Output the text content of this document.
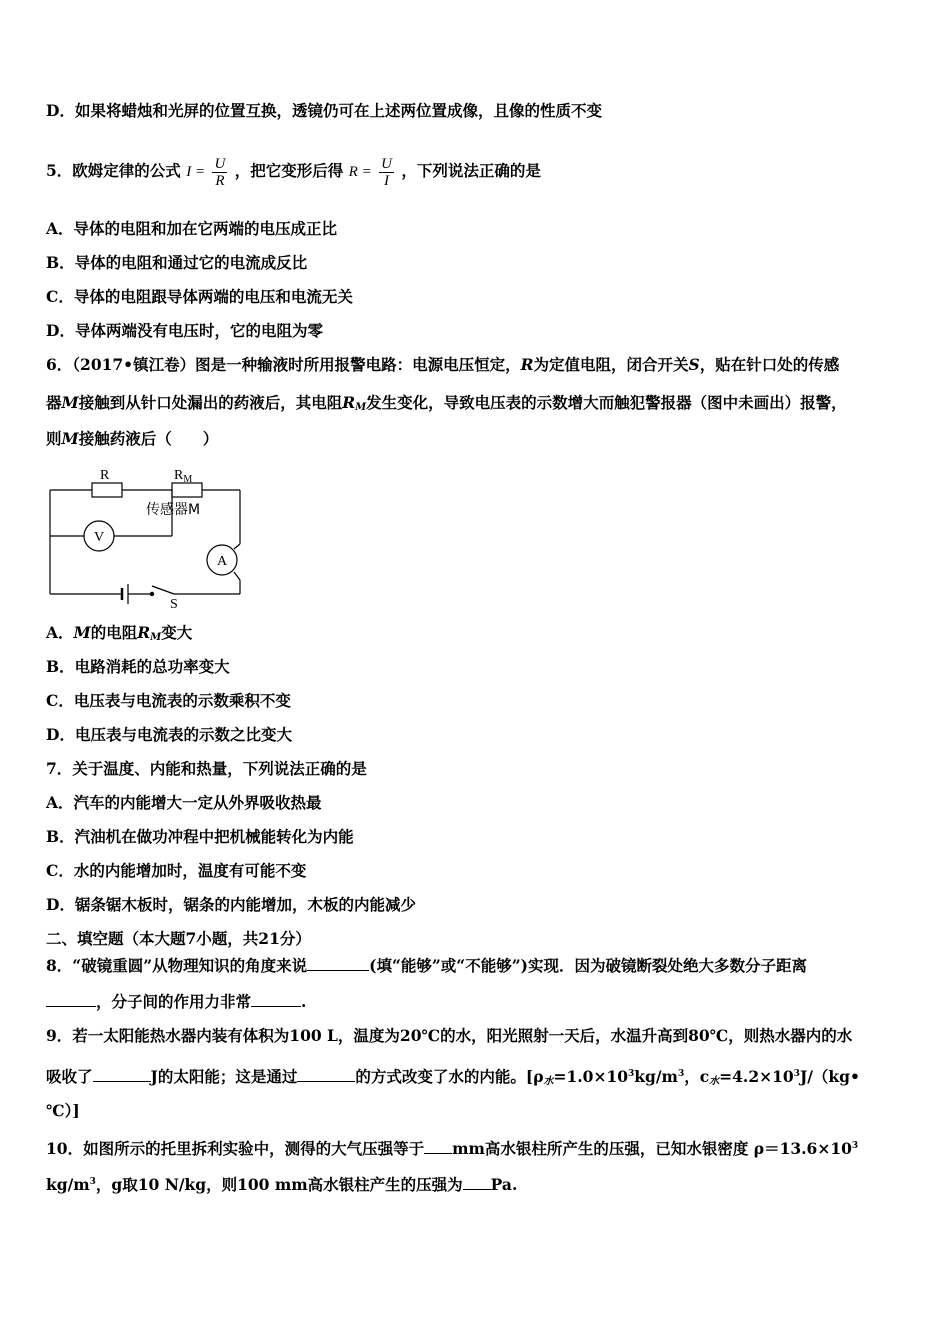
D．如果将蜡烛和光屏的位置互换，透镜仍可在上述两位置成像，且像的性质不变
5．欧姆定律的公式 $I = \frac{U}{R}$ ，把它变形后得 $R = \frac{U}{I}$ ，下列说法正确的是
A．导体的电阻和加在它两端的电压成正比
B．导体的电阻和通过它的电流成反比
C．导体的电阻跟导体两端的电压和电流无关
D．导体两端没有电压时，它的电阻为零
6．（2017•镇江卷）图是一种输液时所用报警电路：电源电压恒定，R为定值电阻，闭合开关S，贴在针口处的传感
器M接触到从针口处漏出的药液后，其电阻$R_M$发生变化，导致电压表的示数增大而触犯警报器（图中未画出）报警，
则M接触药液后（　　）
R	$R_M$
传感器M
V
A
S
A．M的电阻$R_M$变大
B．电路消耗的总功率变大
C．电压表与电流表的示数乘积不变
D．电压表与电流表的示数之比变大
7．关于温度、内能和热量，下列说法正确的是
A．汽车的内能增大一定从外界吸收热最
B．汽油机在做功冲程中把机械能转化为内能
C．水的内能增加时，温度有可能不变
D．锯条锯木板时，锯条的内能增加，木板的内能减少
二、填空题（本大题7小题，共21分）
8．“破镜重圆”从物理知识的角度来说	(填“能够”或“不能够”)实现．因为破镜断裂处绝大多数分子距离
，分子间的作用力非常	.
9．若一太阳能热水器内装有体积为100 L，温度为20℃的水，阳光照射一天后，水温升高到80℃，则热水器内的水
吸收了	J的太阳能；这是通过	的方式改变了水的内能。[$\rho_水=1.0\times 10^3kg/m^3$，$c_水=4.2\times 10^3J/(kg•$
℃）]
10．如图所示的托里拆利实验中，测得的大气压强等于 mm高水银柱所产生的压强，已知水银密度 $\rho=13.6\times 10^3$
$kg/m^3$，g取10 N/kg，则100 mm高水银柱产生的压强为 Pa.
